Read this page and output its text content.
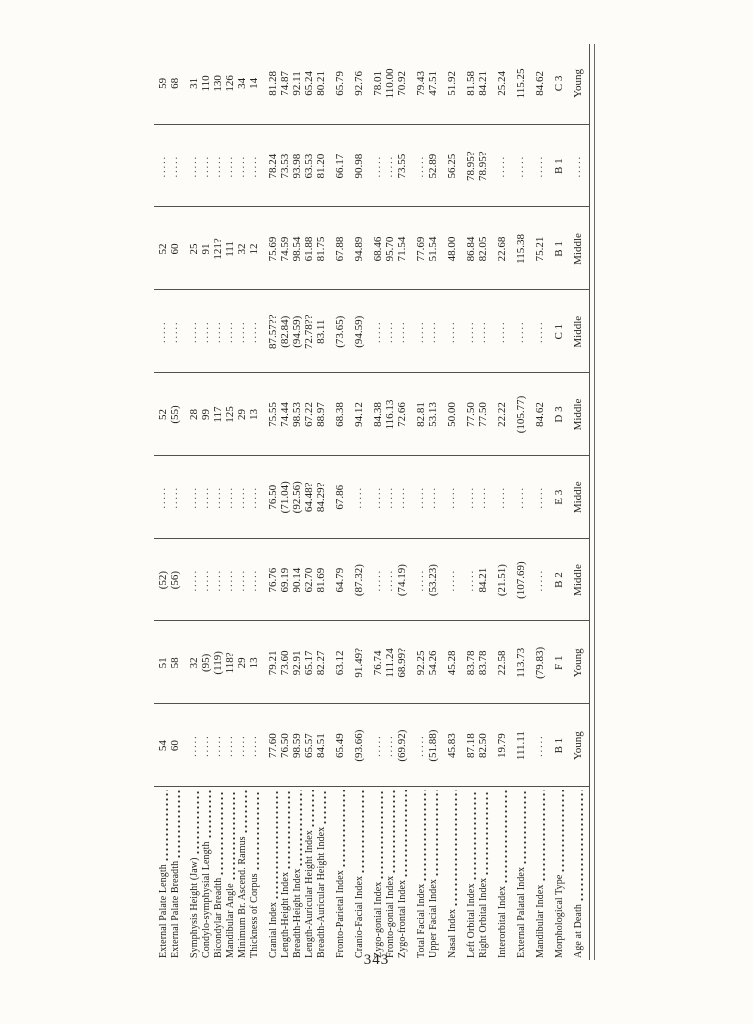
External Palate Length
54
51
(52)
.....
52
.....
52
.....
59
External Palate Breadth
60
58
(56)
.....
(55)
.....
60
.....
68
Symphysis Height (Jaw)
.....
32
.....
.....
28
.....
25
.....
31
Condylo-symphysial Length
.....
(95)
.....
.....
99
.....
91
.....
110
Bicondylar Breadth
.....
(119)
.....
.....
117
.....
121?
.....
130
Mandibular Angle
.....
118?
.....
.....
125
.....
111
.....
126
Minimum Br. Ascend. Ramus
.....
29
.....
.....
29
.....
32
.....
34
Thickness of Corpus
.....
13
.....
.....
13
.....
12
.....
14
Cranial Index
77.60
79.21
76.76
76.50
75.55
87.57??
75.69
78.24
81.28
Length-Height Index
76.50
73.60
69.19
(71.04)
74.44
(82.84)
74.59
73.53
74.87
Breadth-Height Index
98.59
92.91
90.14
(92.56)
98.53
(94.59)
98.54
93.98
92.11
Length-Auricular Height Index
65.57
65.17
62.70
64.48?
67.22
72.78??
61.88
63.53
65.24
Breadth-Auricular Height Index
84.51
82.27
81.69
84.29?
88.97
83.11
81.75
81.20
80.21
Fronto-Parietal Index
65.49
63.12
64.79
67.86
68.38
(73.65)
67.88
66.17
65.79
Cranio-Facial Index
(93.66)
91.49?
(87.32)
.....
94.12
(94.59)
94.89
90.98
92.76
Zygo-gonial Index
.....
76.74
.....
.....
84.38
.....
68.46
.....
78.01
Fronto-gonial Index
.....
111.24
.....
.....
116.13
.....
95.70
.....
110.00
Zygo-frontal Index
(69.92)
68.99?
(74.19)
.....
72.66
.....
71.54
73.55
70.92
Total Facial Index
.....
92.25
.....
.....
82.81
.....
77.69
.....
79.43
Upper Facial Index
(51.88)
54.26
(53.23)
.....
53.13
.....
51.54
52.89
47.51
Nasal Index
45.83
45.28
.....
.....
50.00
.....
48.00
56.25
51.92
Left Orbital Index
87.18
83.78
.....
.....
77.50
.....
86.84
78.95?
81.58
Right Orbital Index
82.50
83.78
84.21
.....
77.50
.....
82.05
78.95?
84.21
Interorbital Index
19.79
22.58
(21.51)
.....
22.22
.....
22.68
.....
25.24
External Palatal Index
111.11
113.73
(107.69)
.....
(105.77)
.....
115.38
.....
115.25
Mandibular Index
.....
(79.83)
.....
.....
84.62
.....
75.21
.....
84.62
Morphological Type
B 1
F 1
B 2
E 3
D 3
C 1
B 1
B 1
C 3
Age at Death
Young
Young
Middle
Middle
Middle
Middle
Middle
.....
Young
343
